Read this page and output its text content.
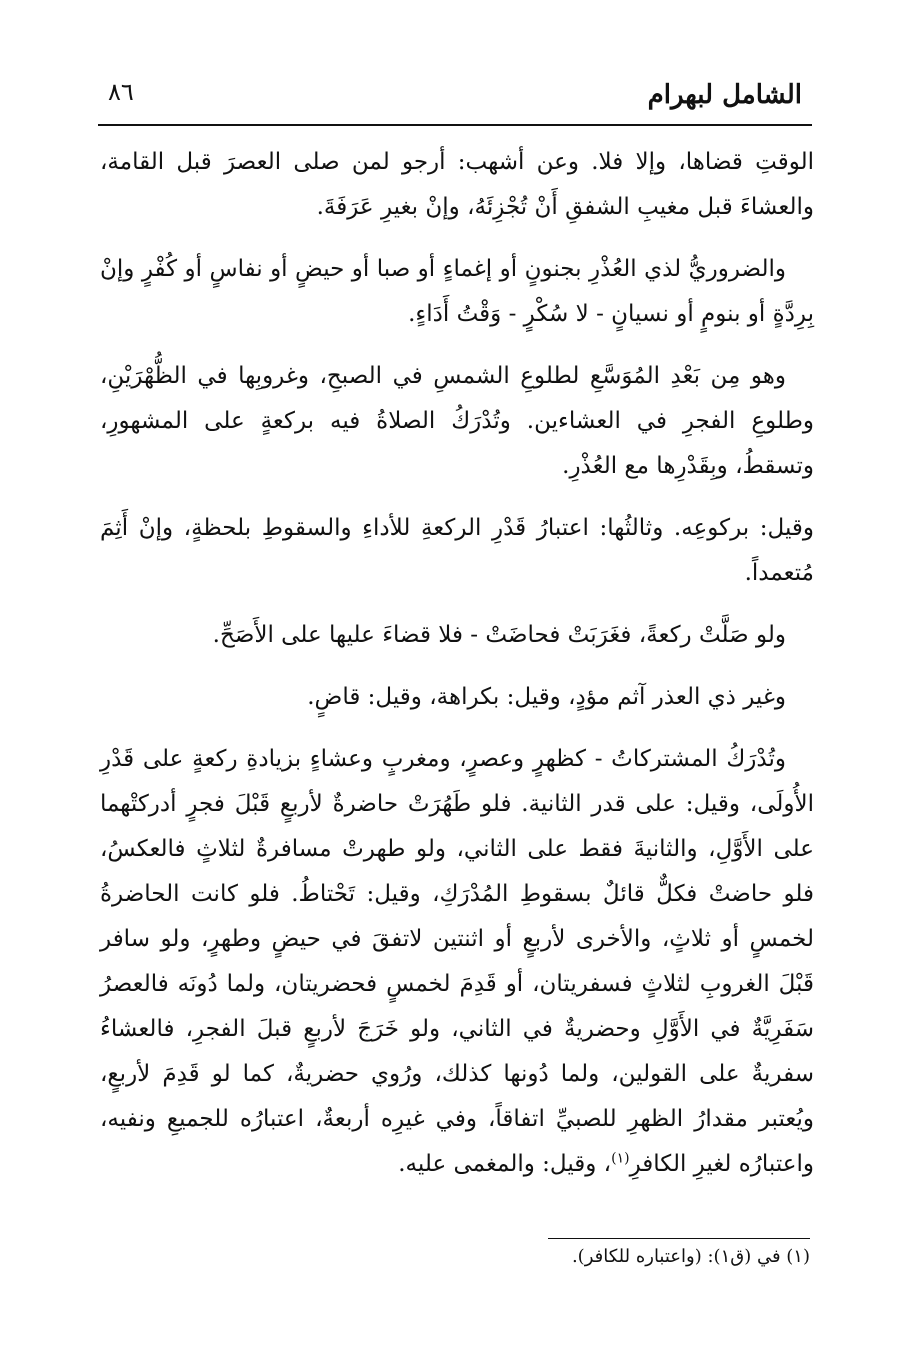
الشامل لبهرام
٨٦

الوقتِ قضاها، وإلا فلا. وعن أشهب: أرجو لمن صلى العصرَ قبل القامة، والعشاءَ قبل مغيبِ الشفقِ أَنْ تُجْزِئَهُ، وإنْ بغيرِ عَرَفَةَ.

والضروريُّ لذي العُذْرِ بجنونٍ أو إغماءٍ أو صبا أو حيضٍ أو نفاسٍ أو كُفْرٍ وإنْ بِرِدَّةٍ أو بنومٍ أو نسيانٍ - لا سُكْرٍ - وَقْتُ أَدَاءٍ.

وهو مِن بَعْدِ المُوَسَّعِ لطلوعِ الشمسِ في الصبحِ، وغروبِها في الظُّهْرَيْنِ، وطلوعِ الفجرِ في العشاءين. وتُدْرَكُ الصلاةُ فيه بركعةٍ على المشهورِ، وتسقطُ، وبِقَدْرِها مع العُذْرِ.

وقيل: بركوعِه. وثالثُها: اعتبارُ قَدْرِ الركعةِ للأداءِ والسقوطِ بلحظةٍ، وإنْ أَثِمَ مُتعمداً.

ولو صَلَّتْ ركعةً، فغَرَبَتْ فحاضَتْ - فلا قضاءَ عليها على الأَصَحِّ.

وغير ذي العذر آثم مؤدٍ، وقيل: بكراهة، وقيل: قاضٍ.

وتُدْرَكُ المشتركاتُ - كظهرٍ وعصرٍ، ومغربٍ وعشاءٍ بزيادةِ ركعةٍ على قَدْرِ الأُولَى، وقيل: على قدر الثانية. فلو طَهُرَتْ حاضرةٌ لأربعٍ قَبْلَ فجرٍ أدركتْهما على الأَوَّلِ، والثانيةَ فقط على الثاني، ولو طهرتْ مسافرةٌ لثلاثٍ فالعكسُ، فلو حاضتْ فكلٌّ قائلٌ بسقوطِ المُدْرَكِ، وقيل: تَحْتاطُ. فلو كانت الحاضرةُ لخمسٍ أو ثلاثٍ، والأخرى لأربعٍ أو اثنتين لاتفقَ في حيضٍ وطهرٍ، ولو سافر قَبْلَ الغروبِ لثلاثٍ فسفريتان، أو قَدِمَ لخمسٍ فحضريتان، ولما دُونَه فالعصرُ سَفَرِيَّةٌ في الأَوَّلِ وحضريةٌ في الثاني، ولو خَرَجَ لأربعٍ قبلَ الفجرِ، فالعشاءُ سفريةٌ على القولين، ولما دُونها كذلك، ورُوي حضريةٌ، كما لو قَدِمَ لأربعٍ، ويُعتبر مقدارُ الظهرِ للصبيِّ اتفاقاً، وفي غيرِه أربعةٌ، اعتبارُه للجميعِ ونفيه، واعتبارُه لغيرِ الكافرِ$^{(١)}$، وقيل: والمغمى عليه.

(١) في (ق١): (واعتباره للكافر).
